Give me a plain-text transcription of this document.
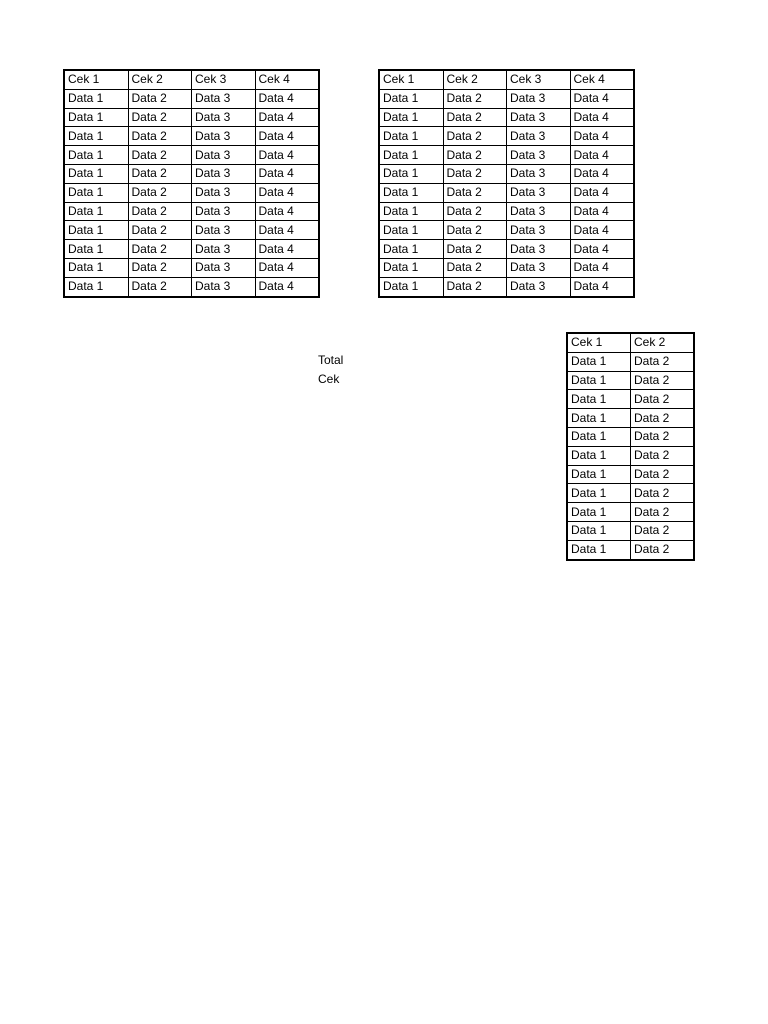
Cek 1	Cek 2	Cek 3	Cek 4
Data 1	Data 2	Data 3	Data 4
Data 1	Data 2	Data 3	Data 4
Data 1	Data 2	Data 3	Data 4
Data 1	Data 2	Data 3	Data 4
Data 1	Data 2	Data 3	Data 4
Data 1	Data 2	Data 3	Data 4
Data 1	Data 2	Data 3	Data 4
Data 1	Data 2	Data 3	Data 4
Data 1	Data 2	Data 3	Data 4
Data 1	Data 2	Data 3	Data 4
Data 1	Data 2	Data 3	Data 4
Cek 1	Cek 2	Cek 3	Cek 4
Data 1	Data 2	Data 3	Data 4
Data 1	Data 2	Data 3	Data 4
Data 1	Data 2	Data 3	Data 4
Data 1	Data 2	Data 3	Data 4
Data 1	Data 2	Data 3	Data 4
Data 1	Data 2	Data 3	Data 4
Data 1	Data 2	Data 3	Data 4
Data 1	Data 2	Data 3	Data 4
Data 1	Data 2	Data 3	Data 4
Data 1	Data 2	Data 3	Data 4
Data 1	Data 2	Data 3	Data 4
Total
Cek
Cek 1	Cek 2
Data 1	Data 2
Data 1	Data 2
Data 1	Data 2
Data 1	Data 2
Data 1	Data 2
Data 1	Data 2
Data 1	Data 2
Data 1	Data 2
Data 1	Data 2
Data 1	Data 2
Data 1	Data 2
